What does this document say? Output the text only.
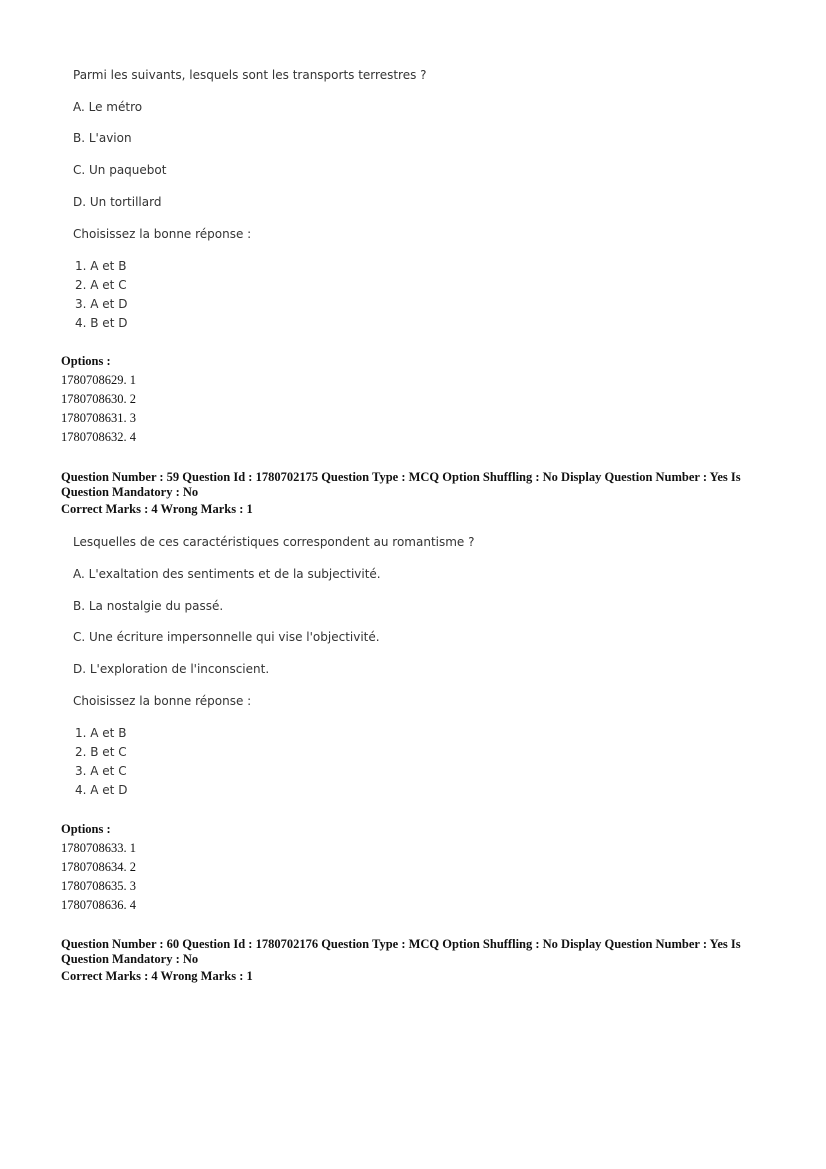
Parmi les suivants, lesquels sont les transports terrestres ?
A. Le métro
B. L'avion
C. Un paquebot
D. Un tortillard
Choisissez la bonne réponse :
1. A et B
2. A et C
3. A et D
4. B et D
Options :
1780708629. 1
1780708630. 2
1780708631. 3
1780708632. 4
Question Number : 59 Question Id : 1780702175 Question Type : MCQ Option Shuffling : No Display Question Number : Yes Is
Question Mandatory : No
Correct Marks : 4 Wrong Marks : 1
Lesquelles de ces caractéristiques correspondent au romantisme ?
A. L'exaltation des sentiments et de la subjectivité.
B. La nostalgie du passé.
C. Une écriture impersonnelle qui vise l'objectivité.
D. L'exploration de l'inconscient.
Choisissez la bonne réponse :
1. A et B
2. B et C
3. A et C
4. A et D
Options :
1780708633. 1
1780708634. 2
1780708635. 3
1780708636. 4
Question Number : 60 Question Id : 1780702176 Question Type : MCQ Option Shuffling : No Display Question Number : Yes Is
Question Mandatory : No
Correct Marks : 4 Wrong Marks : 1
